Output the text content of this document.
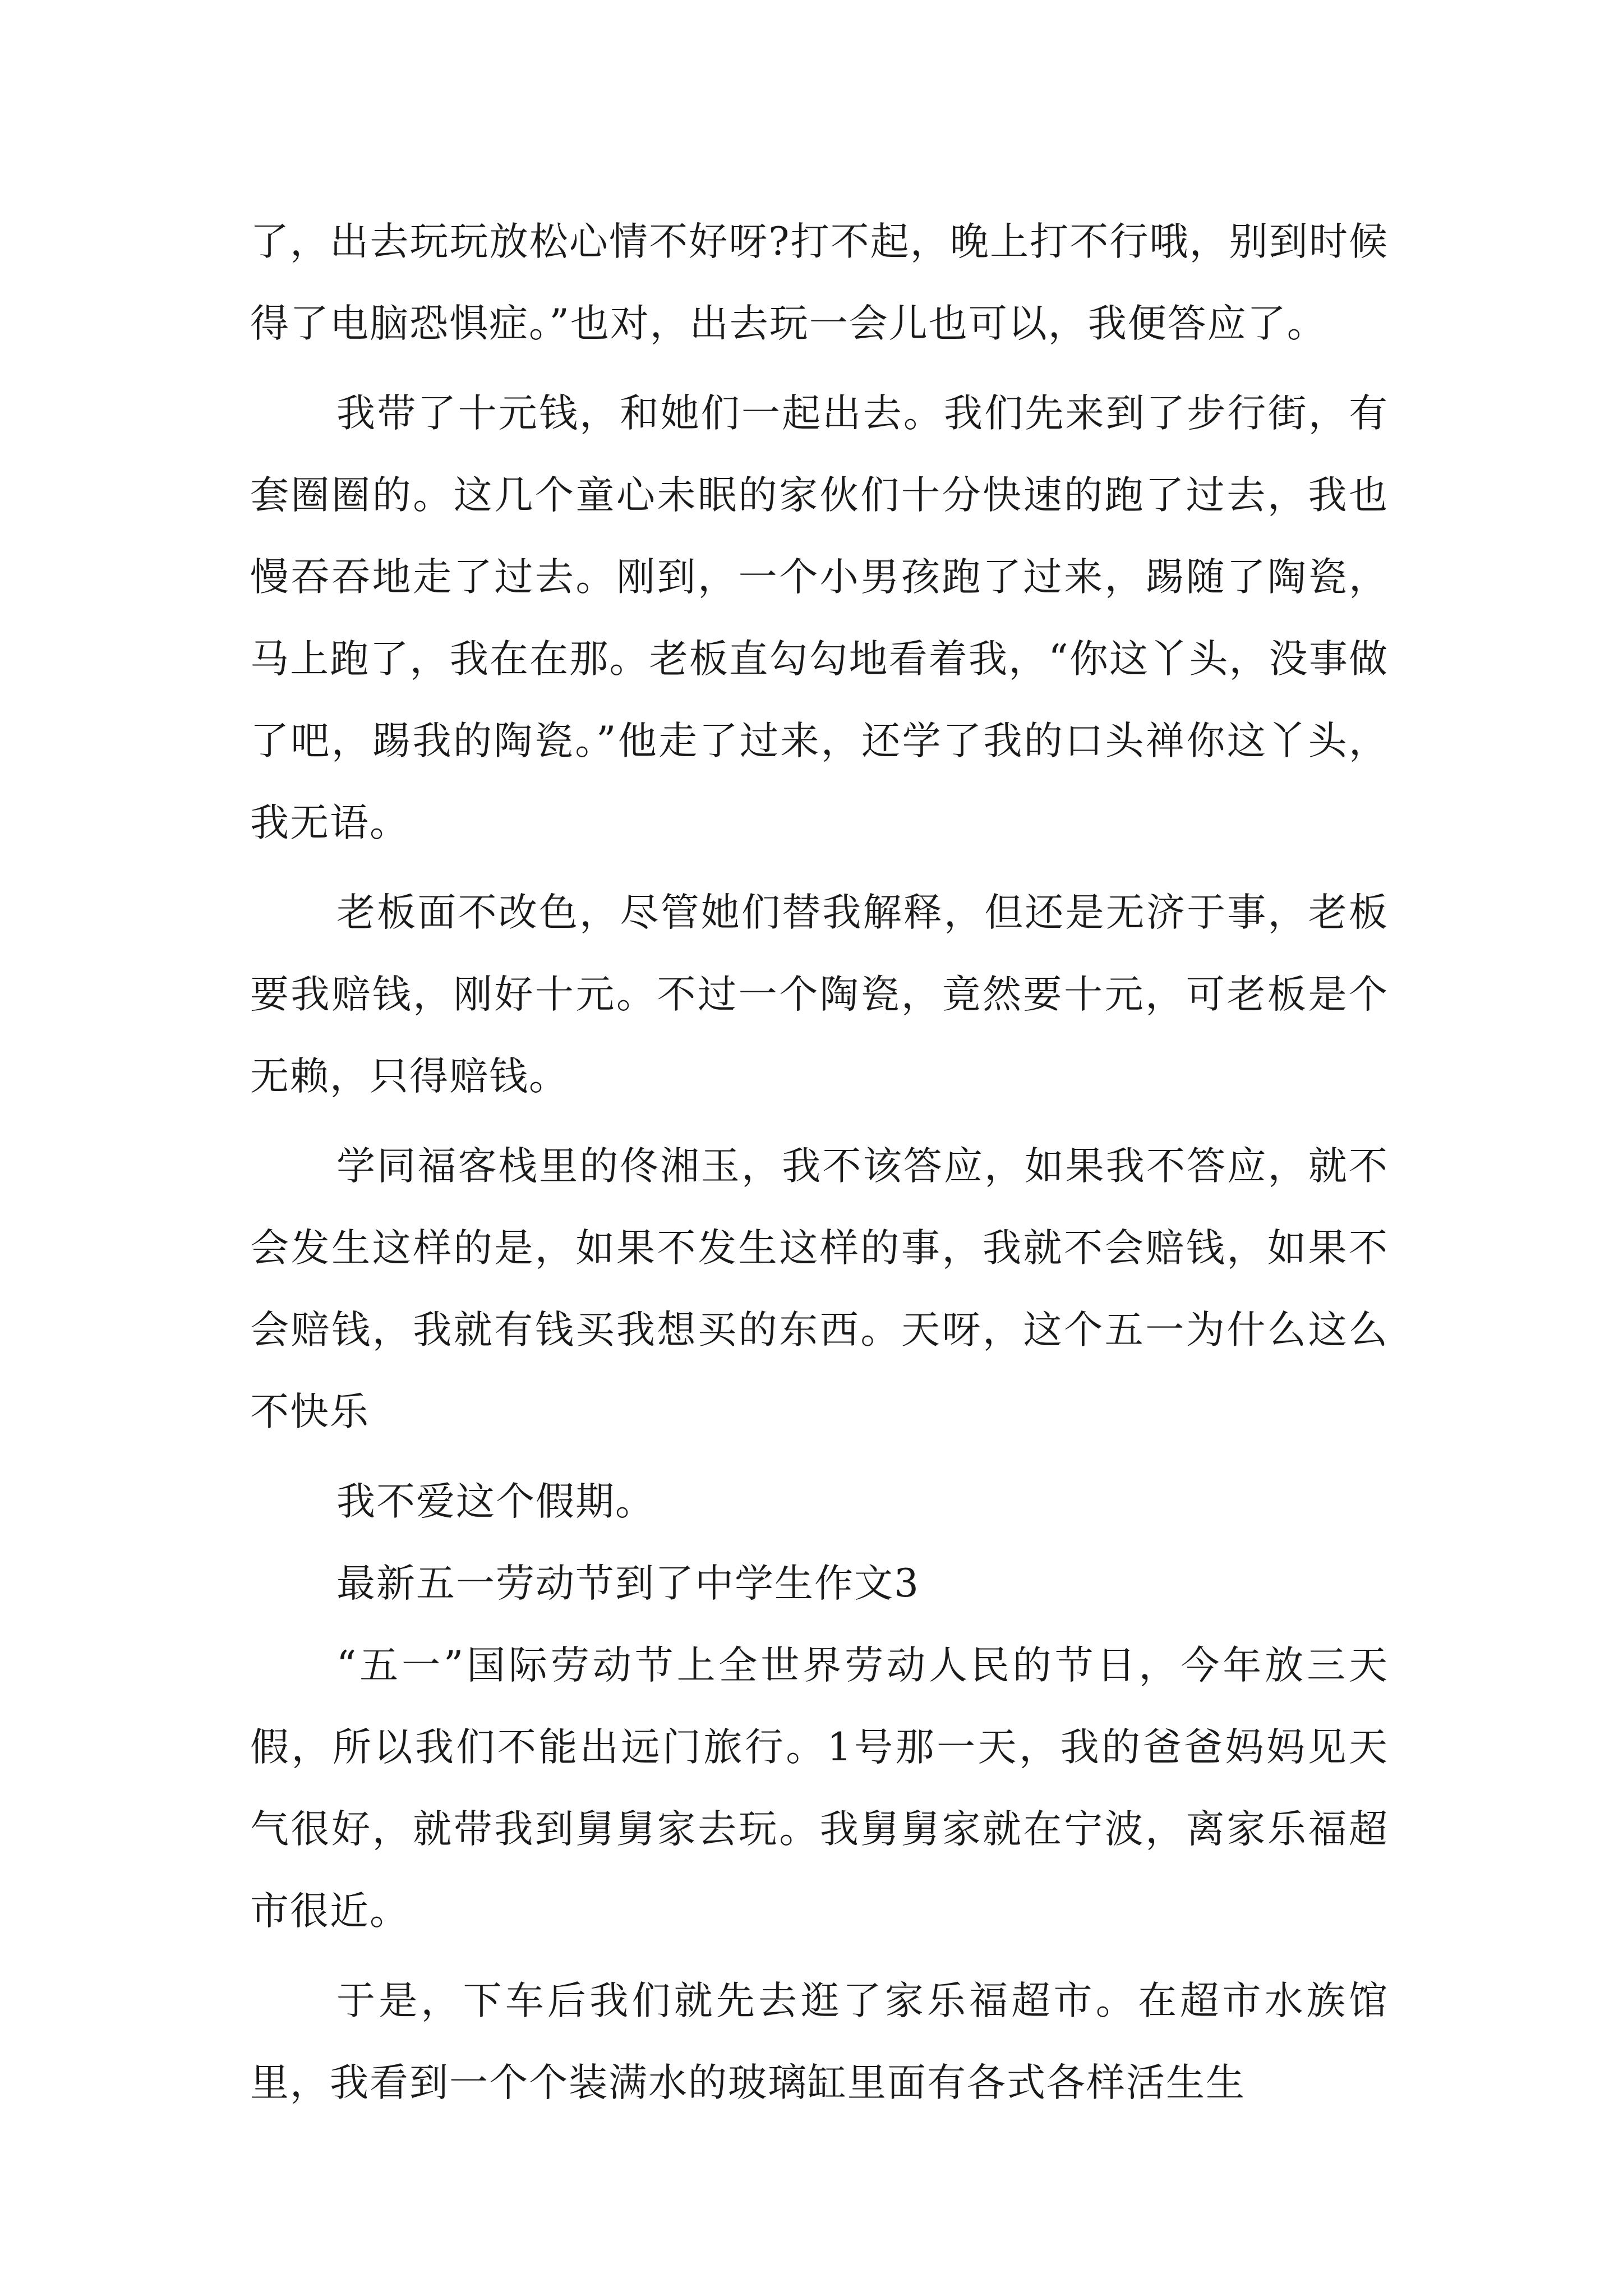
了，出去玩玩放松心情不好呀?打不起，晚上打不行哦，别到时候得了电脑恐惧症。”也对，出去玩一会儿也可以，我便答应了。

我带了十元钱，和她们一起出去。我们先来到了步行街，有套圈圈的。这几个童心未眠的家伙们十分快速的跑了过去，我也慢吞吞地走了过去。刚到，一个小男孩跑了过来，踢随了陶瓷，马上跑了，我在在那。老板直勾勾地看着我，“你这丫头，没事做了吧，踢我的陶瓷。”他走了过来，还学了我的口头禅你这丫头，我无语。

老板面不改色，尽管她们替我解释，但还是无济于事，老板要我赔钱，刚好十元。不过一个陶瓷，竟然要十元，可老板是个无赖，只得赔钱。

学同福客栈里的佟湘玉，我不该答应，如果我不答应，就不会发生这样的是，如果不发生这样的事，我就不会赔钱，如果不会赔钱，我就有钱买我想买的东西。天呀，这个五一为什么这么不快乐

我不爱这个假期。

最新五一劳动节到了中学生作文3

“五一”国际劳动节上全世界劳动人民的节日，今年放三天假，所以我们不能出远门旅行。1号那一天，我的爸爸妈妈见天气很好，就带我到舅舅家去玩。我舅舅家就在宁波，离家乐福超市很近。

于是，下车后我们就先去逛了家乐福超市。在超市水族馆里，我看到一个个装满水的玻璃缸里面有各式各样活生生
